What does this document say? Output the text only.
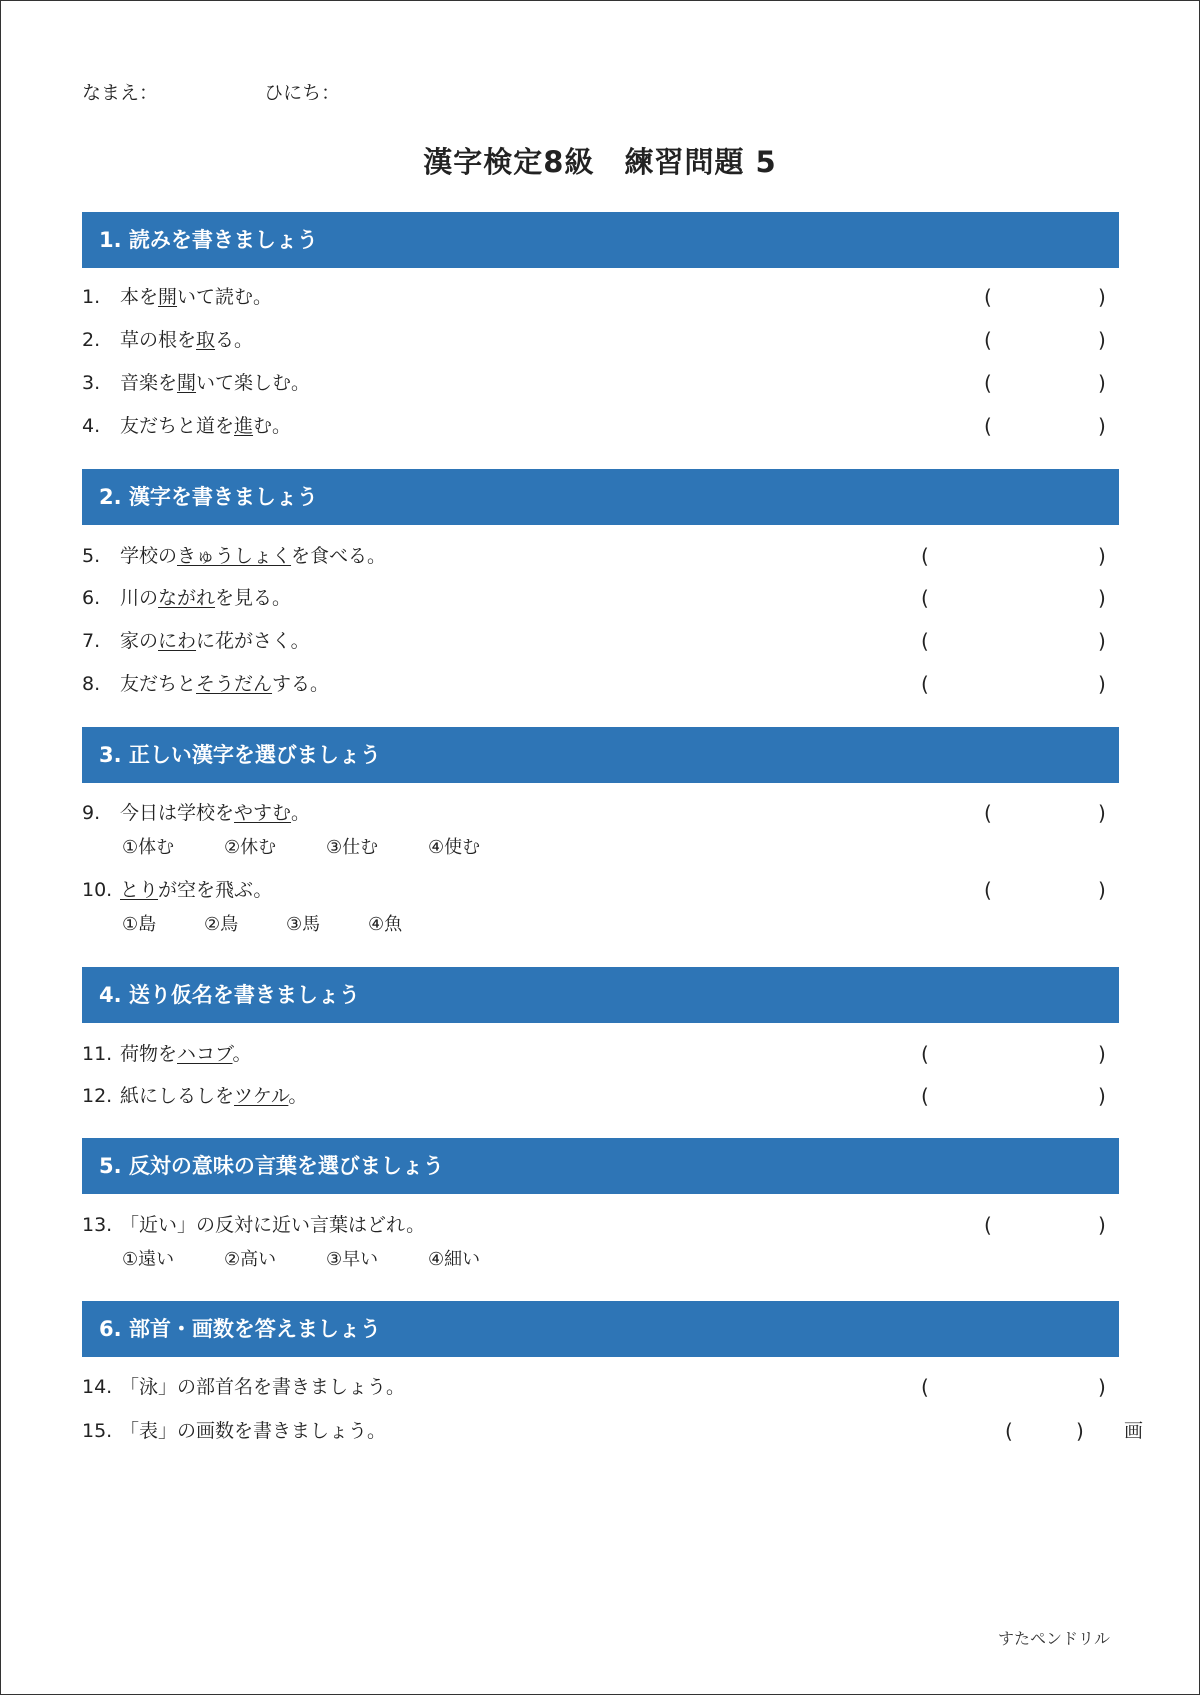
なまえ：	ひにち：
漢字検定8級　練習問題 5
1. 読みを書きましょう
2. 漢字を書きましょう
3. 正しい漢字を選びましょう
4. 送り仮名を書きましょう
5. 反対の意味の言葉を選びましょう
6. 部首・画数を答えましょう
1. 本を開いて読む。	(	)
2. 草の根を取る。	(	)
3. 音楽を聞いて楽しむ。	(	)
4. 友だちと道を進む。	(	)
5. 学校のきゅうしょくを食べる。	(	)
6. 川のながれを見る。	(	)
7. 家のにわに花がさく。	(	)
8. 友だちとそうだんする。	(	)
9. 今日は学校をやすむ。	(	)
①体む	②休む	③仕む	④使む
10. とりが空を飛ぶ。	(	)
①島	②鳥	③馬	④魚
11. 荷物をハコブ。	(	)
12. 紙にしるしをツケル。	(	)
13. 「近い」の反対に近い言葉はどれ。	(	)
①遠い	②高い	③早い	④細い
14. 「泳」の部首名を書きましょう。	(	)
15. 「表」の画数を書きましょう。	(	) 画
すたペンドリル
